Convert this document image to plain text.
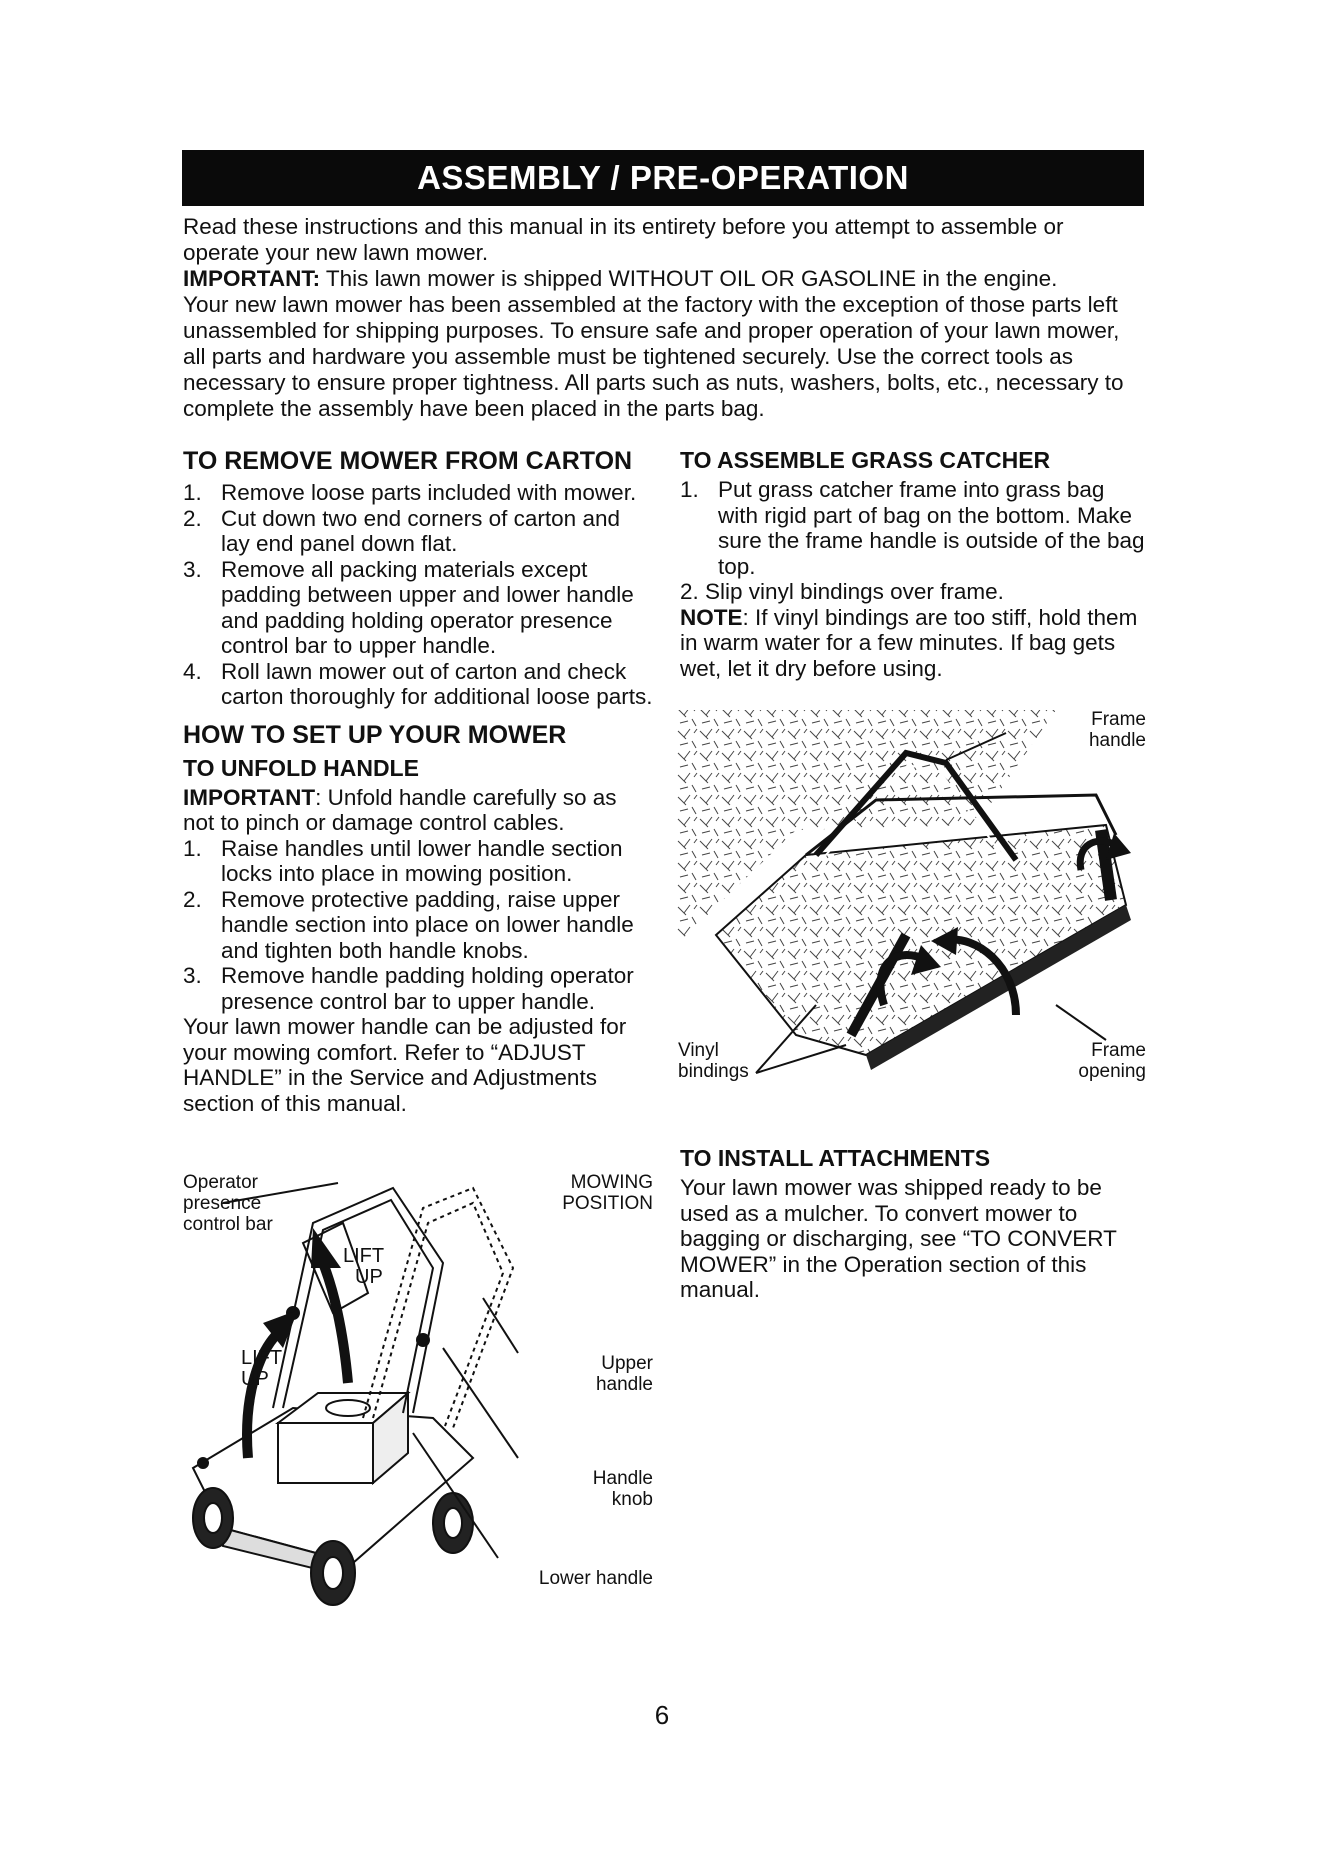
ASSEMBLY / PRE-OPERATION

Read these instructions and this manual in its entirety before you attempt to assemble or operate your new lawn mower.

IMPORTANT: This lawn mower is shipped WITHOUT OIL OR GASOLINE in the engine.

Your new lawn mower has been assembled at the factory with the exception of those parts left unassembled for shipping purposes. To ensure safe and proper operation of your lawn mower, all parts and hardware you assemble must be tightened securely. Use the correct tools as necessary to ensure proper tightness. All parts such as nuts, washers, bolts, etc., necessary to complete the assembly have been placed in the parts bag.

TO REMOVE MOWER FROM CARTON
1. Remove loose parts included with mower.
2. Cut down two end corners of carton and lay end panel down flat.
3. Remove all packing materials except padding between upper and lower handle and padding holding operator presence control bar to upper handle.
4. Roll lawn mower out of carton and check carton thoroughly for additional loose parts.
HOW TO SET UP YOUR MOWER
TO UNFOLD HANDLE

IMPORTANT: Unfold handle carefully so as not to pinch or damage control cables.

1. Raise handles until lower handle section locks into place in mowing position.
2. Remove protective padding, raise upper handle section into place on lower handle and tighten both handle knobs.
3. Remove handle padding holding operator presence control bar to upper handle.

Your lawn mower handle can be adjusted for your mowing comfort. Refer to “ADJUST HANDLE” in the Service and Adjustments section of this manual.

Operator
presence
control bar
MOWING
POSITION
LIFT
UP
LIFT
UP
Upper
handle
Handle
knob
Lower handle
TO ASSEMBLE GRASS CATCHER
1. Put grass catcher frame into grass bag with rigid part of bag on the bottom. Make sure the frame handle is outside of the bag top.
2. Slip vinyl bindings over frame.

NOTE: If vinyl bindings are too stiff, hold them in warm water for a few minutes. If bag gets wet, let it dry before using.

Frame
handle
Vinyl
bindings
Frame
opening
TO INSTALL ATTACHMENTS

Your lawn mower was shipped ready to be used as a mulcher. To convert mower to bagging or discharging, see “TO CONVERT MOWER” in the Operation section of this manual.

6
